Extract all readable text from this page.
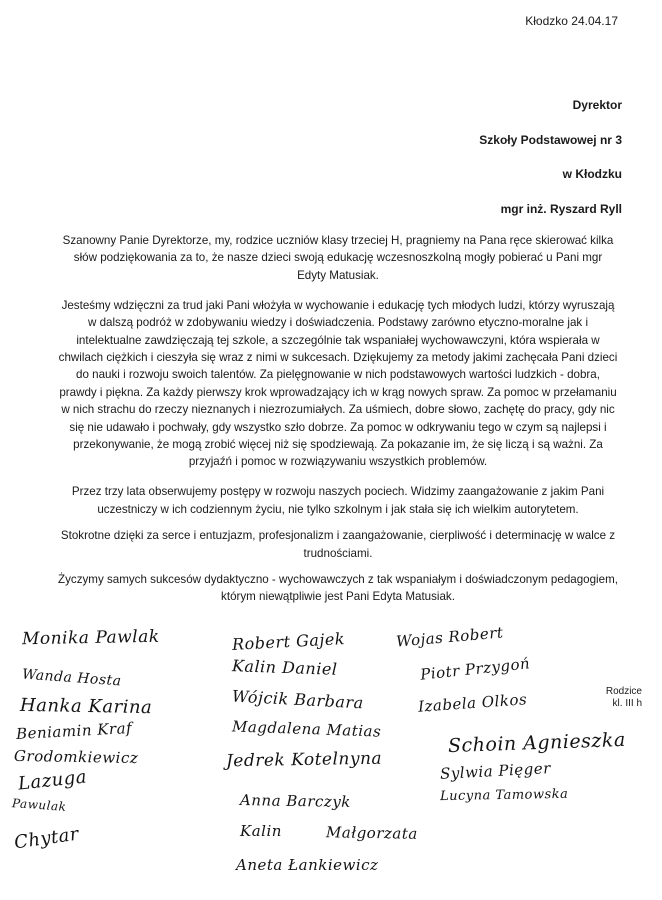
Kłodzko 24.04.17
Dyrektor
Szkoły Podstawowej nr 3
w Kłodzku
mgr inż. Ryszard Ryll

Szanowny Panie Dyrektorze, my, rodzice uczniów klasy trzeciej H, pragniemy na Pana ręce skierować kilka słów podziękowania za to, że nasze dzieci swoją edukację wczesnoszkolną mogły pobierać u Pani mgr Edyty Matusiak.

Jesteśmy wdzięczni za trud jaki Pani włożyła w wychowanie i edukację tych młodych ludzi, którzy wyruszają w dalszą podróż w zdobywaniu wiedzy i doświadczenia. Podstawy zarówno etyczno-moralne jak i intelektualne zawdzięczają tej szkole, a szczególnie tak wspaniałej wychowawczyni, która wspierała w chwilach ciężkich i cieszyła się wraz z nimi w sukcesach. Dziękujemy za metody jakimi zachęcała Pani dzieci do nauki i rozwoju swoich talentów. Za pielęgnowanie w nich podstawowych wartości ludzkich - dobra, prawdy i piękna. Za każdy pierwszy krok wprowadzający ich w krąg nowych spraw. Za pomoc w przełamaniu w nich strachu do rzeczy nieznanych i niezrozumiałych. Za uśmiech, dobre słowo, zachętę do pracy, gdy nic się nie udawało i pochwały, gdy wszystko szło dobrze. Za pomoc w odkrywaniu tego w czym są najlepsi i przekonywanie, że mogą zrobić więcej niż się spodziewają. Za pokazanie im, że się liczą i są ważni. Za przyjaźń i pomoc w rozwiązywaniu wszystkich problemów.

Przez trzy lata obserwujemy postępy w rozwoju naszych pociech. Widzimy zaangażowanie z jakim Pani uczestniczy w ich codziennym życiu, nie tylko szkolnym i jak stała się ich wielkim autorytetem.

Stokrotne dzięki za serce i entuzjazm, profesjonalizm i zaangażowanie, cierpliwość i determinację w walce z trudnościami.

Życzymy samych sukcesów dydaktyczno - wychowawczych z tak wspaniałym i doświadczonym pedagogiem, którym niewątpliwie jest Pani Edyta Matusiak.

Monika Pawlak
Wanda Hosta
Hanka Karina
Beniamin Kraf
Grodomkiewicz
Lazuga
Pawulak
Chytar
Robert Gajek
Kalin Daniel
Wójcik Barbara
Magdalena Matias
Jedrek Kotelnyna
Anna Barczyk
Kalin	Małgorzata
Aneta Łankiewicz
Wojas Robert
Piotr Przygoń
Izabela Olkos
Schoin Agnieszka
Sylwia Pięger
Lucyna Tamowska
Rodzice
kl. III h
